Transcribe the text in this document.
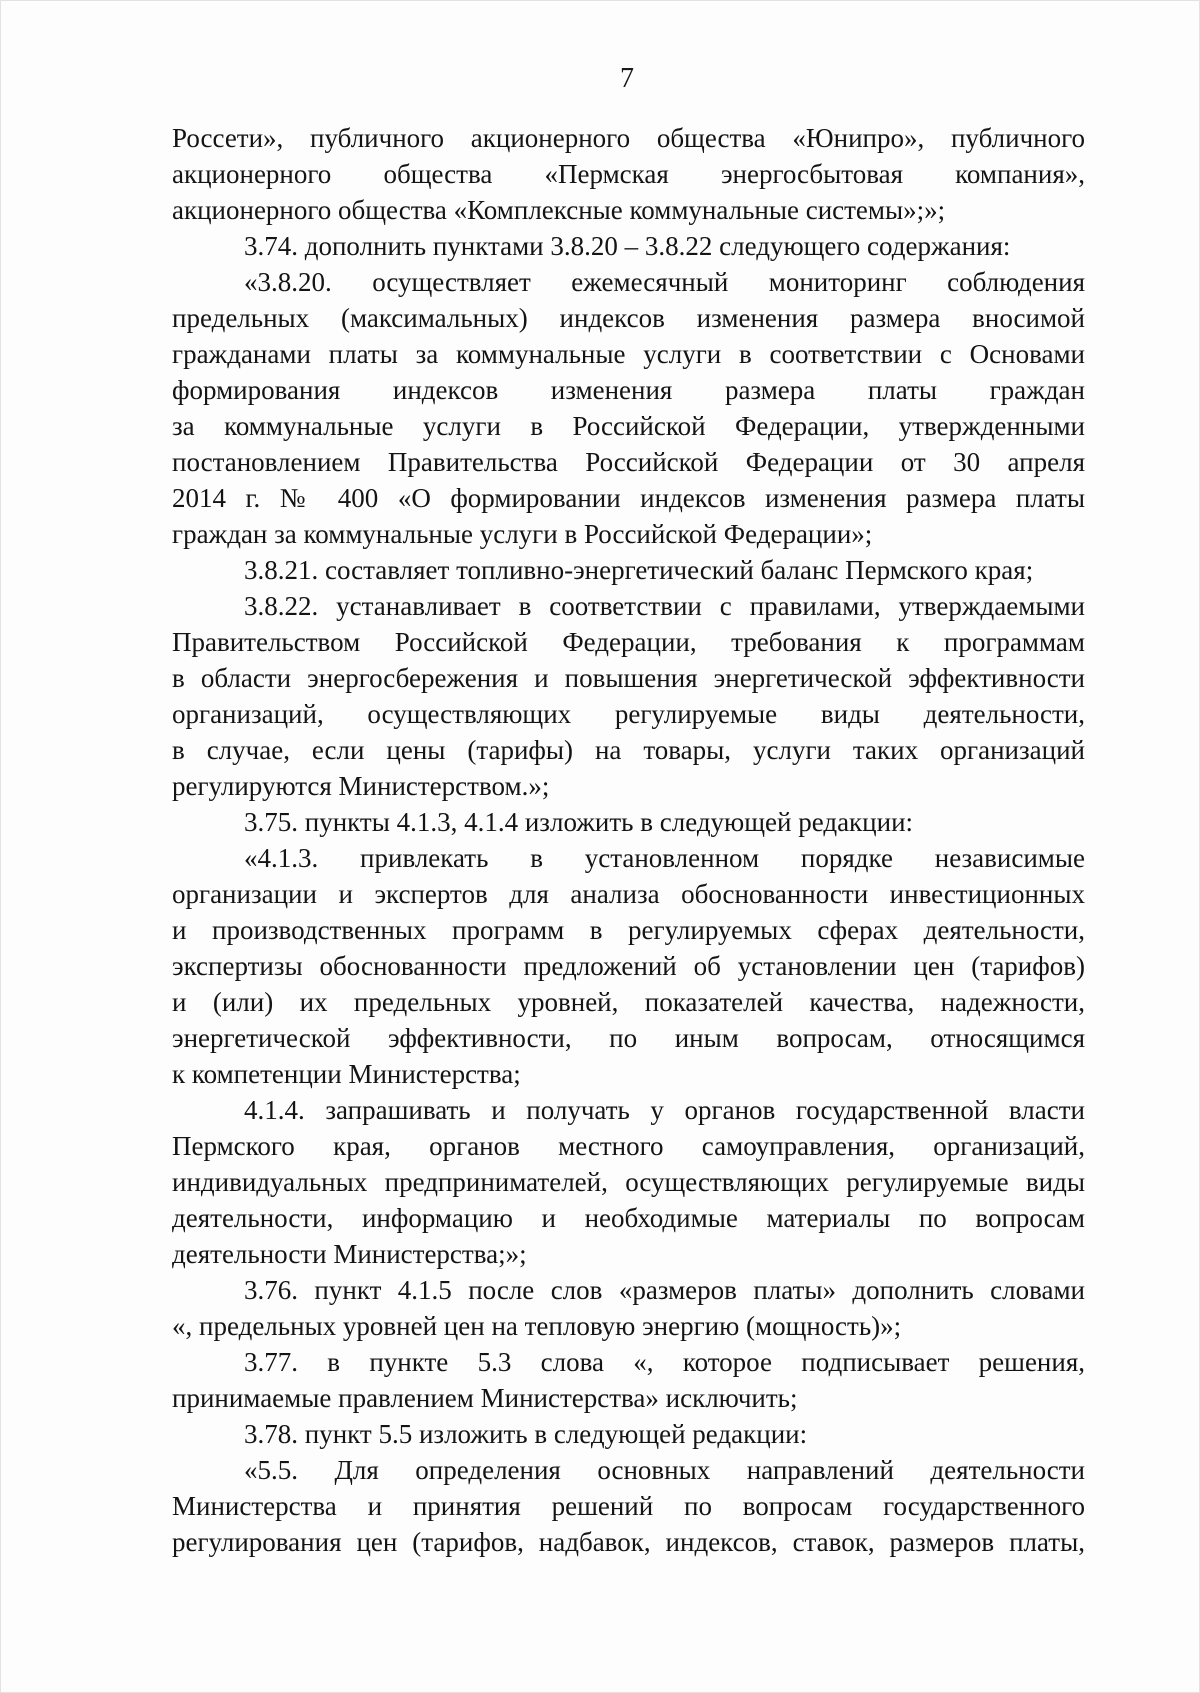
7
Россети», публичного акционерного общества «Юнипро», публичного
акционерного общества «Пермская энергосбытовая компания»,
акционерного общества «Комплексные коммунальные системы»;»;
3.74. дополнить пунктами 3.8.20 – 3.8.22 следующего содержания:
«3.8.20. осуществляет ежемесячный мониторинг соблюдения
предельных (максимальных) индексов изменения размера вносимой
гражданами платы за коммунальные услуги в соответствии с Основами
формирования индексов изменения размера платы граждан
за коммунальные услуги в Российской Федерации, утвержденными
постановлением Правительства Российской Федерации от 30 апреля
2014 г. № 400 «О формировании индексов изменения размера платы
граждан за коммунальные услуги в Российской Федерации»;
3.8.21. составляет топливно-энергетический баланс Пермского края;
3.8.22. устанавливает в соответствии с правилами, утверждаемыми
Правительством Российской Федерации, требования к программам
в области энергосбережения и повышения энергетической эффективности
организаций, осуществляющих регулируемые виды деятельности,
в случае, если цены (тарифы) на товары, услуги таких организаций
регулируются Министерством.»;
3.75. пункты 4.1.3, 4.1.4 изложить в следующей редакции:
«4.1.3. привлекать в установленном порядке независимые
организации и экспертов для анализа обоснованности инвестиционных
и производственных программ в регулируемых сферах деятельности,
экспертизы обоснованности предложений об установлении цен (тарифов)
и (или) их предельных уровней, показателей качества, надежности,
энергетической эффективности, по иным вопросам, относящимся
к компетенции Министерства;
4.1.4. запрашивать и получать у органов государственной власти
Пермского края, органов местного самоуправления, организаций,
индивидуальных предпринимателей, осуществляющих регулируемые виды
деятельности, информацию и необходимые материалы по вопросам
деятельности Министерства;»;
3.76. пункт 4.1.5 после слов «размеров платы» дополнить словами
«, предельных уровней цен на тепловую энергию (мощность)»;
3.77. в пункте 5.3 слова «, которое подписывает решения,
принимаемые правлением Министерства» исключить;
3.78. пункт 5.5 изложить в следующей редакции:
«5.5. Для определения основных направлений деятельности
Министерства и принятия решений по вопросам государственного
регулирования цен (тарифов, надбавок, индексов, ставок, размеров платы,
